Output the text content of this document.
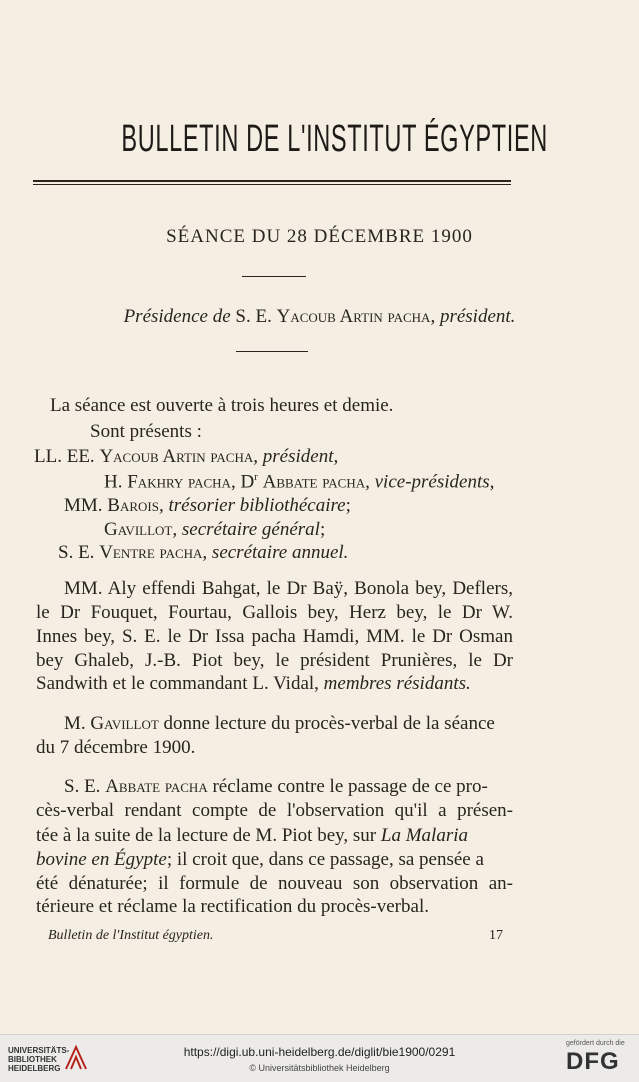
BULLETIN DE L'INSTITUT ÉGYPTIEN
SÉANCE DU 28 DÉCEMBRE 1900
Présidence de S. E. Yacoub Artin pacha, président.
La séance est ouverte à trois heures et demie.
Sont présents :
LL. EE. Yacoub Artin pacha, président,
H. Fakhry pacha, $D^r$ Abbate pacha, vice-présidents,
MM. Barois, trésorier bibliothécaire;
Gavillot, secrétaire général;
S. E. Ventre pacha, secrétaire annuel.
MM. Aly effendi Bahgat, le Dr Baÿ, Bonola bey, Deflers,
le Dr Fouquet, Fourtau, Gallois bey, Herz bey, le Dr W.
Innes bey, S. E. le Dr Issa pacha Hamdi, MM. le Dr Osman
bey Ghaleb, J.-B. Piot bey, le président Prunières, le Dr
Sandwith et le commandant L. Vidal, membres résidants.
M. Gavillot donne lecture du procès-verbal de la séance
du 7 décembre 1900.
S. E. Abbate pacha réclame contre le passage de ce pro-
cès-verbal rendant compte de l'observation qu'il a présen-
tée à la suite de la lecture de M. Piot bey, sur La Malaria
bovine en Égypte; il croit que, dans ce passage, sa pensée a
été dénaturée; il formule de nouveau son observation an-
térieure et réclame la rectification du procès-verbal.
Bulletin de l'Institut égyptien.	17
UNIVERSITÄTS-
BIBLIOTHEK
HEIDELBERG
https://digi.ub.uni-heidelberg.de/diglit/bie1900/0291
© Universitätsbibliothek Heidelberg
gefördert durch die
DFG
